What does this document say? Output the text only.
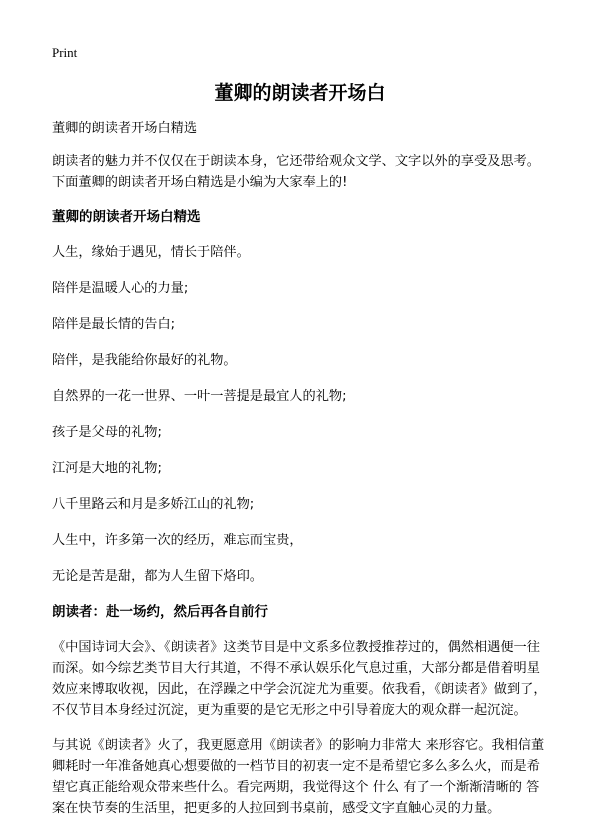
Print
董卿的朗读者开场白

董卿的朗读者开场白精选

朗读者的魅力并不仅仅在于朗读本身，它还带给观众文学、文字以外的享受及思考。下面董卿的朗读者开场白精选是小编为大家奉上的!

董卿的朗读者开场白精选
人生，缘始于遇见，情长于陪伴。
陪伴是温暖人心的力量;
陪伴是最长情的告白;
陪伴，是我能给你最好的礼物。
自然界的一花一世界、一叶一菩提是最宜人的礼物;
孩子是父母的礼物;
江河是大地的礼物;
八千里路云和月是多娇江山的礼物;
人生中，许多第一次的经历，难忘而宝贵，
无论是苦是甜，都为人生留下烙印。
朗读者：赴一场约，然后再各自前行

《中国诗词大会》、《朗读者》这类节目是中文系多位教授推荐过的，偶然相遇便一往而深。如今综艺类节目大行其道，不得不承认娱乐化气息过重，大部分都是借着明星效应来博取收视，因此，在浮躁之中学会沉淀尤为重要。依我看，《朗读者》做到了，不仅节目本身经过沉淀，更为重要的是它无形之中引导着庞大的观众群一起沉淀。

与其说《朗读者》火了，我更愿意用《朗读者》的影响力非常大 来形容它。我相信董卿耗时一年准备她真心想要做的一档节目的初衷一定不是希望它多么多么火，而是希望它真正能给观众带来些什么。看完两期，我觉得这个 什么 有了一个渐渐清晰的 答案在快节奏的生活里，把更多的人拉回到书桌前，感受文字直触心灵的力量。
